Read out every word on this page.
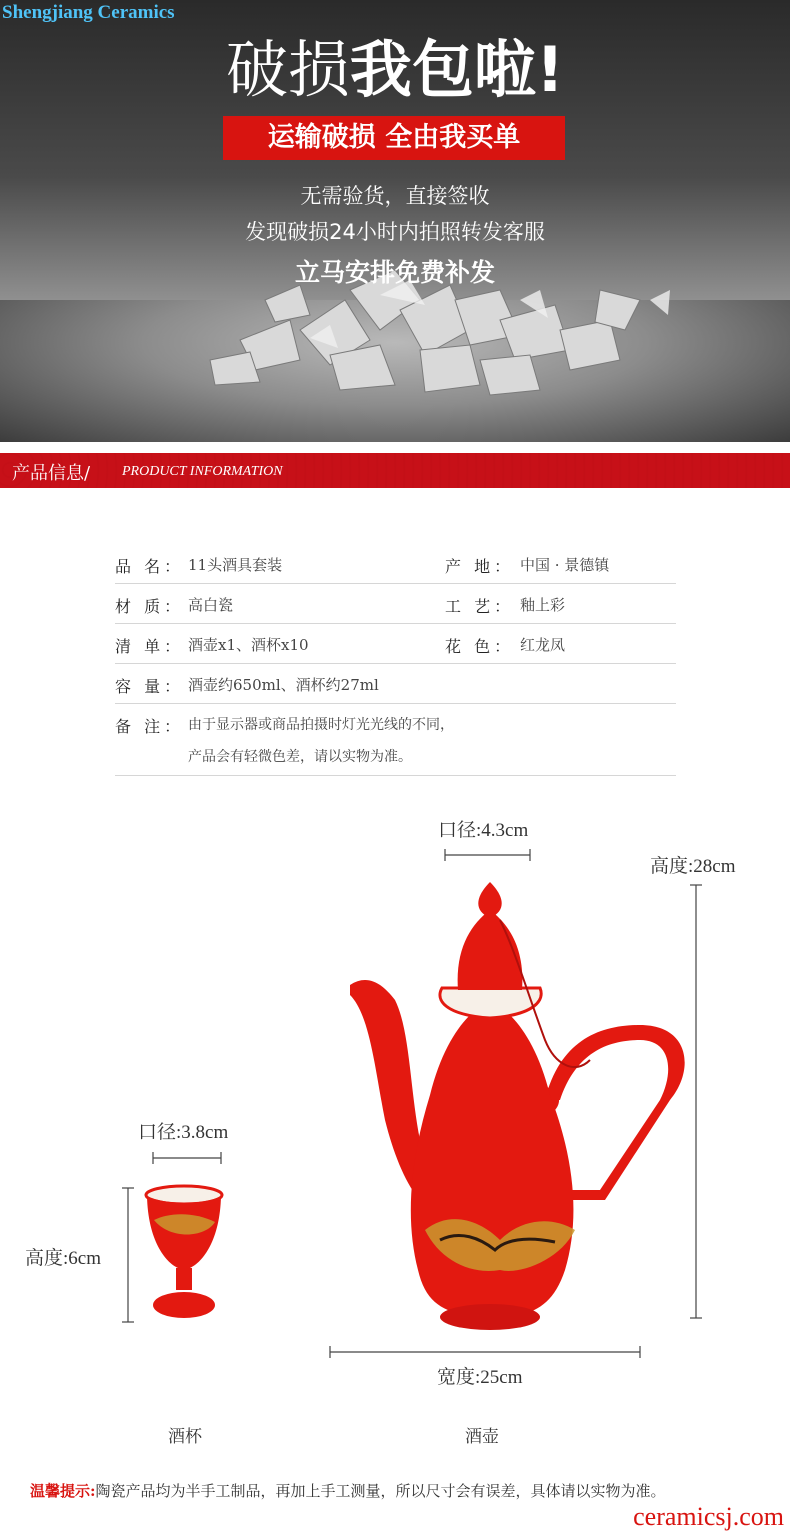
Shengjiang Ceramics
破损我包啦!
运输破损 全由我买单
无需验货，直接签收
发现破损24小时内拍照转发客服
立马安排免费补发
产品信息/ PRODUCT INFORMATION
品 名： 11头酒具套装	产 地： 中国 · 景德镇
材 质： 高白瓷	工 艺： 釉上彩
清 单： 酒壶x1、酒杯x10	花 色： 红龙凤
容 量： 酒壶约650ml、酒杯约27ml
备 注： 由于显示器或商品拍摄时灯光光线的不同，
产品会有轻微色差，请以实物为准。
口径:4.3cm
高度:28cm
宽度:25cm
口径:3.8cm
高度:6cm
酒杯	酒壶
温馨提示:陶瓷产品均为半手工制品，再加上手工测量，所以尺寸会有误差，具体请以实物为准。
ceramicsj.com
